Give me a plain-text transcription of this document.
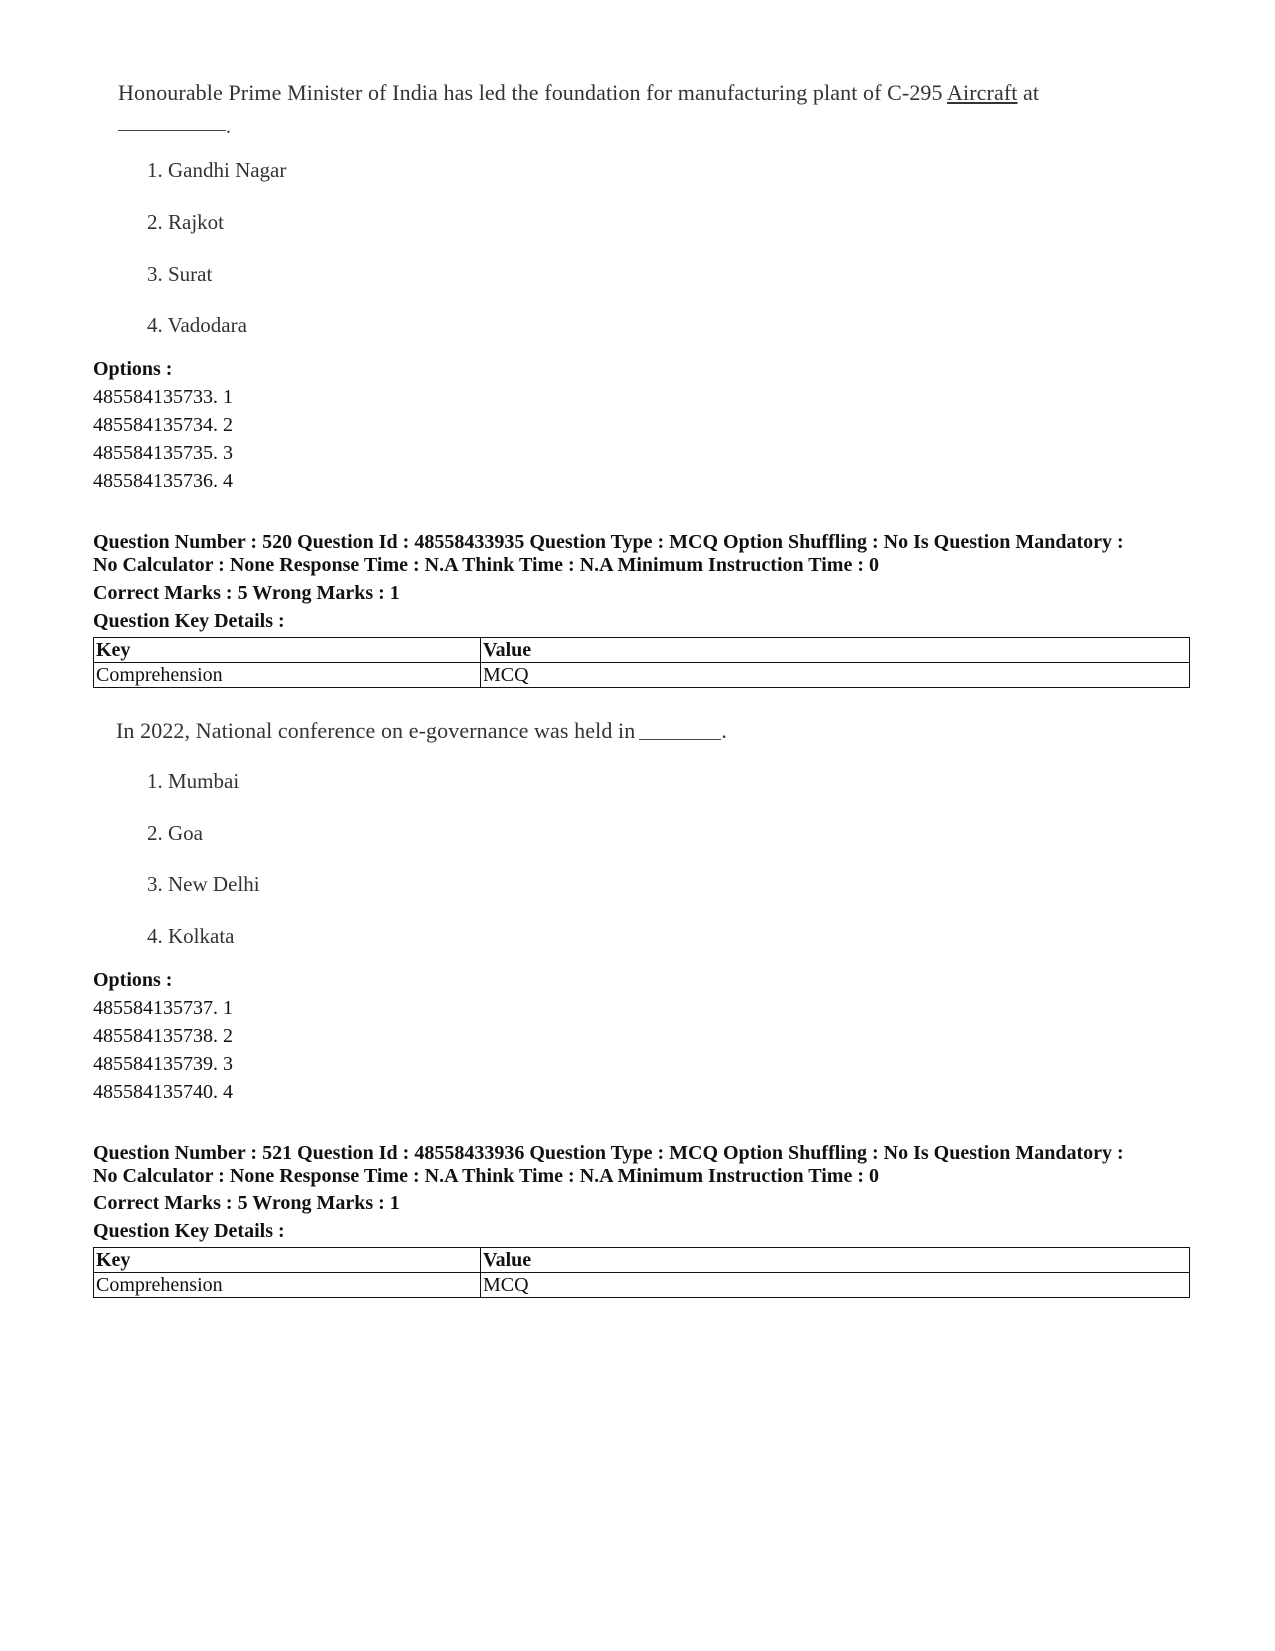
Honourable Prime Minister of India has led the foundation for manufacturing plant of C-295 Aircraft at
.
1. Gandhi Nagar
2. Rajkot
3. Surat
4. Vadodara
Options :
485584135733. 1
485584135734. 2
485584135735. 3
485584135736. 4
Question Number : 520 Question Id : 48558433935 Question Type : MCQ Option Shuffling : No Is Question Mandatory :
No Calculator : None Response Time : N.A Think Time : N.A Minimum Instruction Time : 0
Correct Marks : 5 Wrong Marks : 1
Question Key Details :
Key	Value
Comprehension	MCQ
In 2022, National conference on e-governance was held in	.
1. Mumbai
2. Goa
3. New Delhi
4. Kolkata
Options :
485584135737. 1
485584135738. 2
485584135739. 3
485584135740. 4
Question Number : 521 Question Id : 48558433936 Question Type : MCQ Option Shuffling : No Is Question Mandatory :
No Calculator : None Response Time : N.A Think Time : N.A Minimum Instruction Time : 0
Correct Marks : 5 Wrong Marks : 1
Question Key Details :
Key	Value
Comprehension	MCQ
